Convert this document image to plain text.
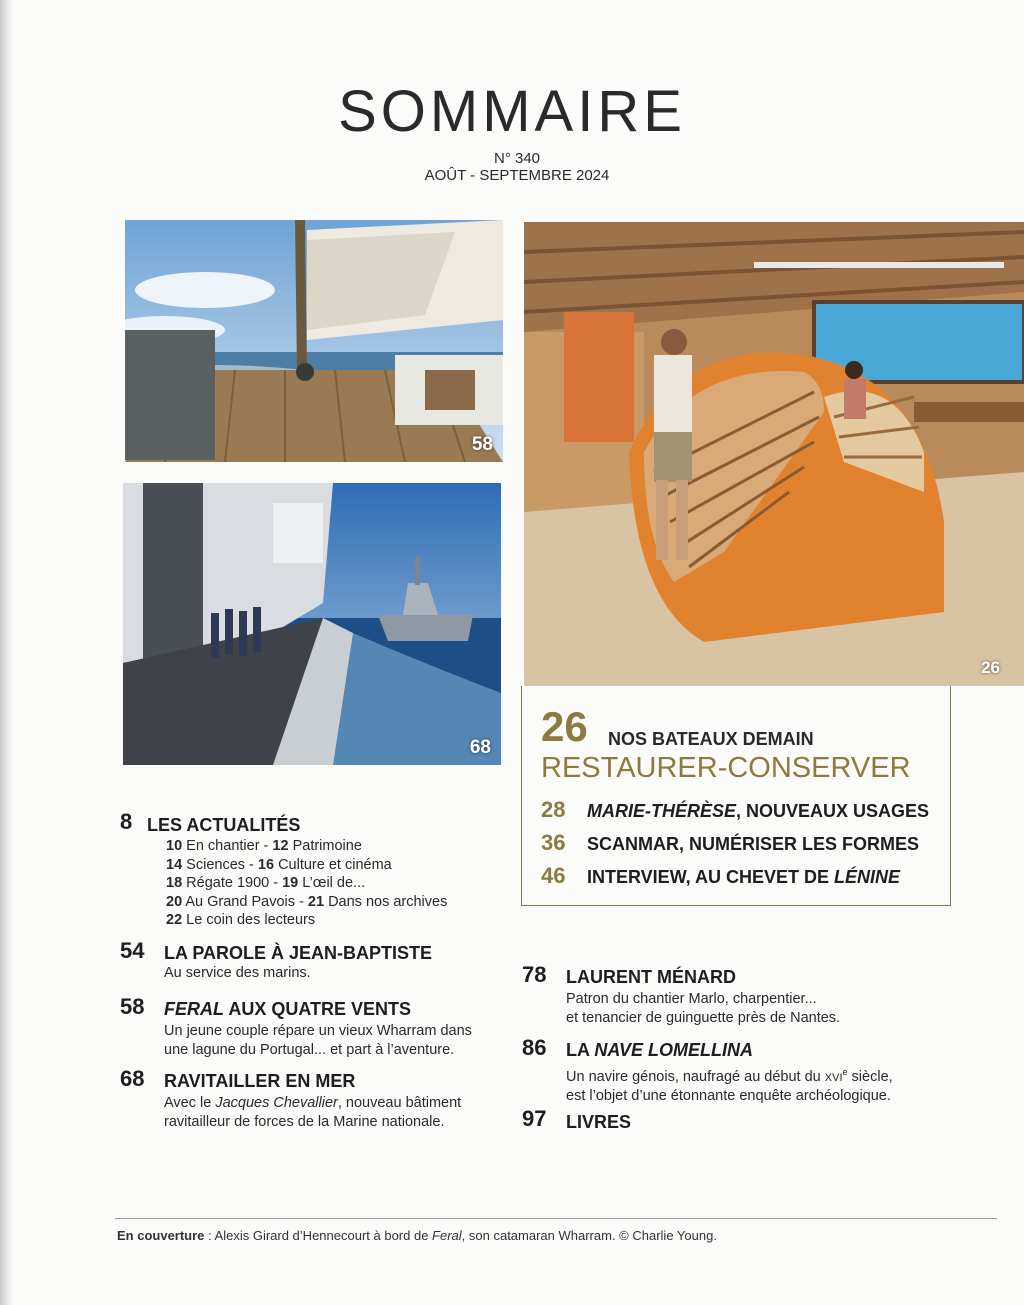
SOMMAIRE
N° 340
AOÛT - SEPTEMBRE 2024
58
68
26
26 NOS BATEAUX DEMAIN
RESTAURER-CONSERVER
28 MARIE-THÉRÈSE, NOUVEAUX USAGES
36 SCANMAR, NUMÉRISER LES FORMES
46 INTERVIEW, AU CHEVET DE LÉNINE
8 LES ACTUALITÉS
10 En chantier - 12 Patrimoine
14 Sciences - 16 Culture et cinéma
18 Régate 1900 - 19 L’œil de...
20 Au Grand Pavois - 21 Dans nos archives
22 Le coin des lecteurs
54 LA PAROLE À JEAN-BAPTISTE
Au service des marins.
58 FERAL AUX QUATRE VENTS
Un jeune couple répare un vieux Wharram dans
une lagune du Portugal... et part à l’aventure.
68 RAVITAILLER EN MER
Avec le Jacques Chevallier, nouveau bâtiment
ravitailleur de forces de la Marine nationale.
78 LAURENT MÉNARD
Patron du chantier Marlo, charpentier...
et tenancier de guinguette près de Nantes.
86 LA NAVE LOMELLINA
Un navire génois, naufragé au début du XVIe siècle,
est l’objet d’une étonnante enquête archéologique.
97 LIVRES
En couverture : Alexis Girard d’Hennecourt à bord de Feral, son catamaran Wharram. © Charlie Young.
